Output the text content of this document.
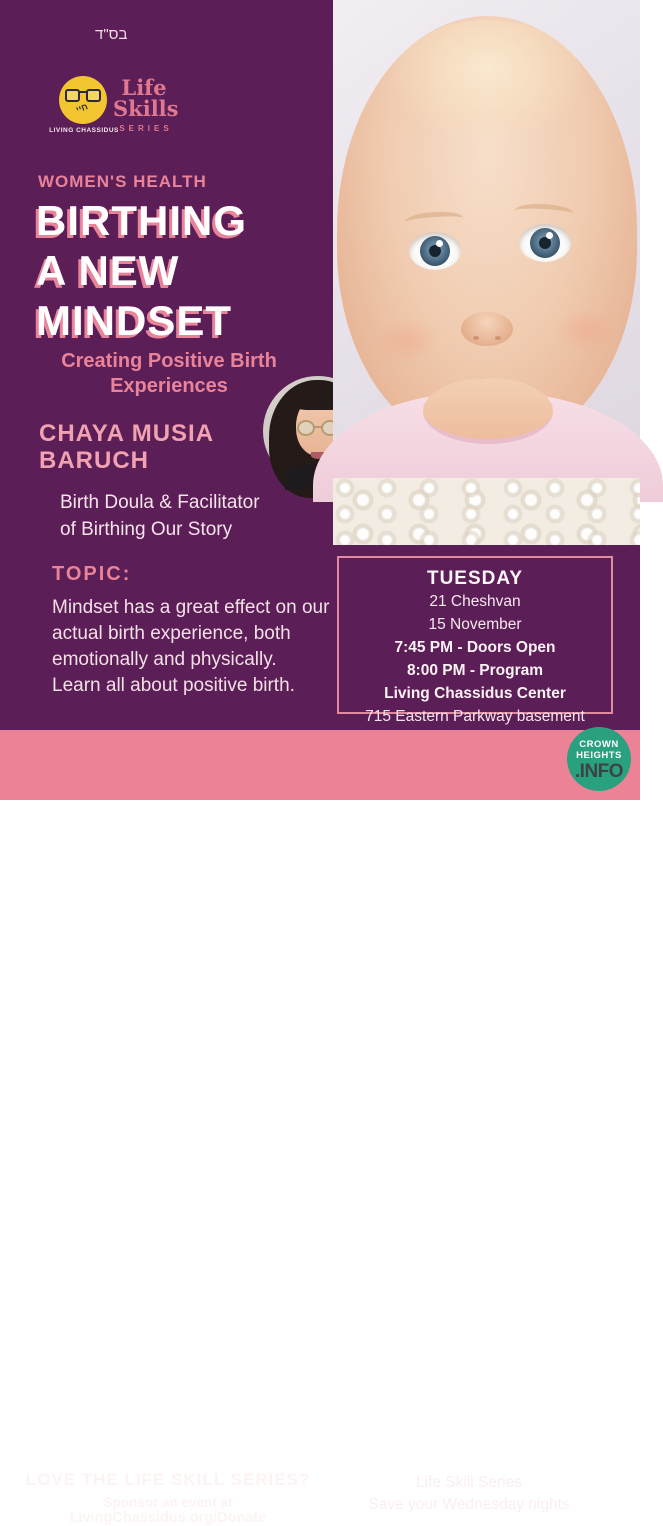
בס"ד
חיי
LIVING CHASSIDUS
Life
Skills
SERIES
WOMEN'S HEALTH
BIRTHING
A NEW
MINDSET
Creating Positive Birth
Experiences
CHAYA MUSIA
BARUCH
Birth Doula & Facilitator
of Birthing Our Story
TOPIC:
Mindset has a great effect on our actual birth experience, both emotionally and physically. Learn all about positive birth.
TUESDAY
21 Cheshvan
15 November
7:45 PM - Doors Open
8:00 PM - Program
Living Chassidus Center
715 Eastern Parkway basement
LOVE THE LIFE SKILL SERIES?
Sponsor an event at
LivingChassidus.org/Donate
Life Skill Series
Save your Wednesday nights
CROWN
HEIGHTS
.INFO
